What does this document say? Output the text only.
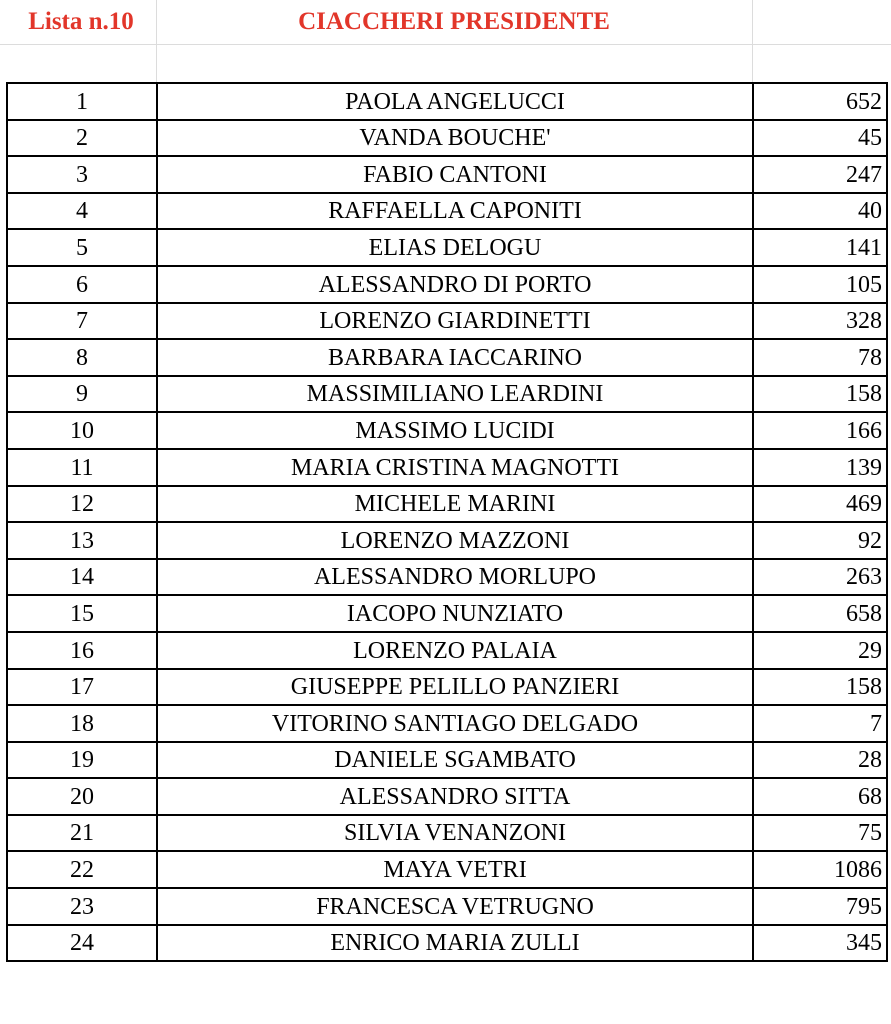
Lista n.10	CIACCHERI PRESIDENTE
1	PAOLA ANGELUCCI	652
2	VANDA BOUCHE'	45
3	FABIO CANTONI	247
4	RAFFAELLA CAPONITI	40
5	ELIAS DELOGU	141
6	ALESSANDRO DI PORTO	105
7	LORENZO GIARDINETTI	328
8	BARBARA IACCARINO	78
9	MASSIMILIANO LEARDINI	158
10	MASSIMO LUCIDI	166
11	MARIA CRISTINA MAGNOTTI	139
12	MICHELE MARINI	469
13	LORENZO MAZZONI	92
14	ALESSANDRO MORLUPO	263
15	IACOPO NUNZIATO	658
16	LORENZO PALAIA	29
17	GIUSEPPE PELILLO PANZIERI	158
18	VITORINO SANTIAGO DELGADO	7
19	DANIELE SGAMBATO	28
20	ALESSANDRO SITTA	68
21	SILVIA VENANZONI	75
22	MAYA VETRI	1086
23	FRANCESCA VETRUGNO	795
24	ENRICO MARIA ZULLI	345
